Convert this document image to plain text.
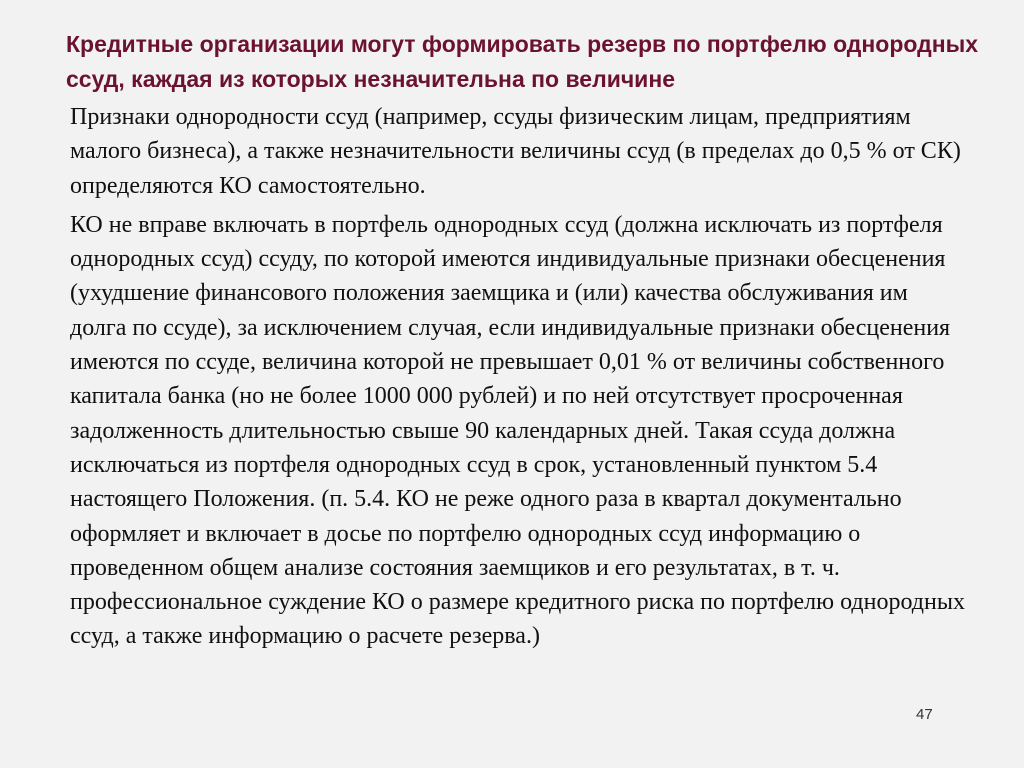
Кредитные организации могут формировать резерв по портфелю однородных ссуд, каждая из которых незначительна по величине

Признаки однородности ссуд (например, ссуды физическим лицам, предприятиям малого бизнеса), а также незначительности величины ссуд (в пределах до 0,5 % от СК) определяются КО самостоятельно.

КО не вправе включать в портфель однородных ссуд (должна исключать из портфеля однородных ссуд) ссуду, по которой имеются индивидуальные признаки обесценения (ухудшение финансового положения заемщика и (или) качества обслуживания им долга по ссуде), за исключением случая, если индивидуальные признаки обесценения имеются по ссуде, величина которой не превышает 0,01 % от величины собственного капитала банка (но не более 1000 000 рублей) и по ней отсутствует просроченная задолженность длительностью свыше 90 календарных дней. Такая ссуда должна исключаться из портфеля однородных ссуд в срок, установленный пунктом 5.4 настоящего Положения. (п. 5.4. КО не реже одного раза в квартал документально оформляет и включает в досье по портфелю однородных ссуд информацию о проведенном общем анализе состояния заемщиков и его результатах, в т. ч. профессиональное суждение КО о размере кредитного риска по портфелю однородных ссуд, а также информацию о расчете резерва.)

47
